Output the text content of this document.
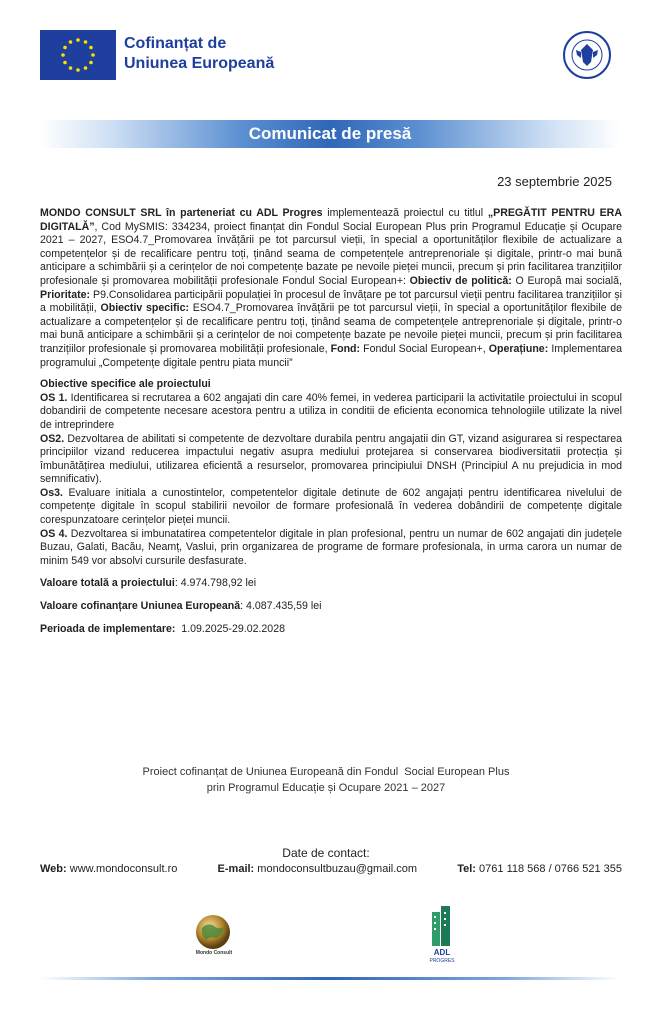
Cofinanțat de
Uniunea Europeană
Comunicat de presă
23 septembrie 2025

MONDO CONSULT SRL în parteneriat cu ADL Progres implementează proiectul cu titlul „PREGĂTIT PENTRU ERA DIGITALĂ”, Cod MySMIS: 334234, proiect finanțat din Fondul Social European Plus prin Programul Educație și Ocupare 2021 – 2027, ESO4.7_Promovarea învățării pe tot parcursul vieții, în special a oportunităților flexibile de actualizare a competențelor și de recalificare pentru toți, ținând seama de competențele antreprenoriale și digitale, printr-o mai bună anticipare a schimbării și a cerințelor de noi competențe bazate pe nevoile pieței muncii, precum și prin facilitarea tranzițiilor profesionale și promovarea mobilității profesionale Fondul Social European+: Obiectiv de politică: O Europă mai socială, Prioritate: P9.Consolidarea participării populației în procesul de învățare pe tot parcursul vieții pentru facilitarea tranzițiilor și a mobilității, Obiectiv specific: ESO4.7_Promovarea învățării pe tot parcursul vieții, în special a oportunităților flexibile de actualizare a competențelor și de recalificare pentru toți, ținând seama de competențele antreprenoriale și digitale, printr-o mai bună anticipare a schimbării și a cerințelor de noi competențe bazate pe nevoile pieței muncii, precum și prin facilitarea tranzițiilor profesionale și promovarea mobilității profesionale, Fond: Fondul Social European+, Operațiune: Implementarea programului „Competențe digitale pentru piata muncii”

Obiective specifice ale proiectului

OS 1. Identificarea si recrutarea a 602 angajati din care 40% femei, in vederea participarii la activitatile proiectului in scopul dobandirii de competente necesare acestora pentru a utiliza in conditii de eficienta economica tehnologiile utilizate la nivel de intreprindere

OS2. Dezvoltarea de abilitati si competente de dezvoltare durabila pentru angajatii din GT, vizand asigurarea si respectarea principiilor vizand reducerea impactului negativ asupra mediului protejarea si conservarea biodiversitatii protecția și îmbunătățirea mediului, utilizarea eficientă a resurselor, promovarea principiului DNSH (Principiul A nu prejudicia in mod semnificativ).

Os3. Evaluare initiala a cunostintelor, competentelor digitale detinute de 602 angajați pentru identificarea nivelului de competențe digitale în scopul stabilirii nevoilor de formare profesională în vederea dobândirii de competențe digitale corespunzatoare cerințelor pieței muncii.

OS 4. Dezvoltarea si imbunatatirea competentelor digitale in plan profesional, pentru un numar de 602 angajati din județele Buzau, Galati, Bacău, Neamț, Vaslui, prin organizarea de programe de formare profesionala, in urma carora un numar de minim 549 vor absolvi cursurile desfasurate.

Valoare totală a proiectului: 4.974.798,92 lei
Valoare cofinanțare Uniunea Europeană: 4.087.435,59 lei
Perioada de implementare:  1.09.2025-29.02.2028
Proiect cofinanțat de Uniunea Europeană din Fondul  Social European Plus
prin Programul Educație și Ocupare 2021 – 2027
Date de contact:
Web: www.mondoconsult.ro	E-mail: mondoconsultbuzau@gmail.com	Tel: 0761 118 568 / 0766 521 355
Mondo Consult	ADL
PROGRES
